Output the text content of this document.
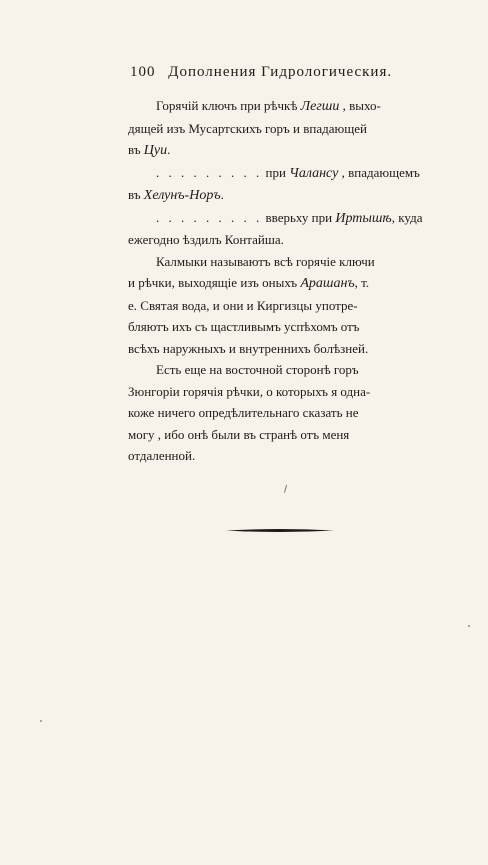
100 Дополнения Гидрологическия.
Горячій ключъ при рѣчкѣ Легши , выхо-
дящей изъ Мусартскихъ горъ и впадающей
въ Цуи.
. . . . . . . . . при Чалансу , впадающемъ
въ Хелунъ-Норъ.
. . . . . . . . . вверьху при Иртышѣ, куда
ежегодно ѣздилъ Контайша.
Калмыки называютъ всѣ горячіе ключи
и рѣчки, выходящіе изъ оныхъ Арашанъ, т.
е. Святая вода, и они и Киргизцы употре-
бляютъ ихъ съ щастливымъ успѣхомъ отъ
всѣхъ наружныхъ и внутреннихъ болѣзней.
Есть еще на восточной сторонѣ горъ
Зюнгоріи горячія рѣчки, о которыхъ я одна-
коже ничего опредѣлительнаго сказать не
могу , ибо онѣ были въ странѣ отъ меня
отдаленной.
